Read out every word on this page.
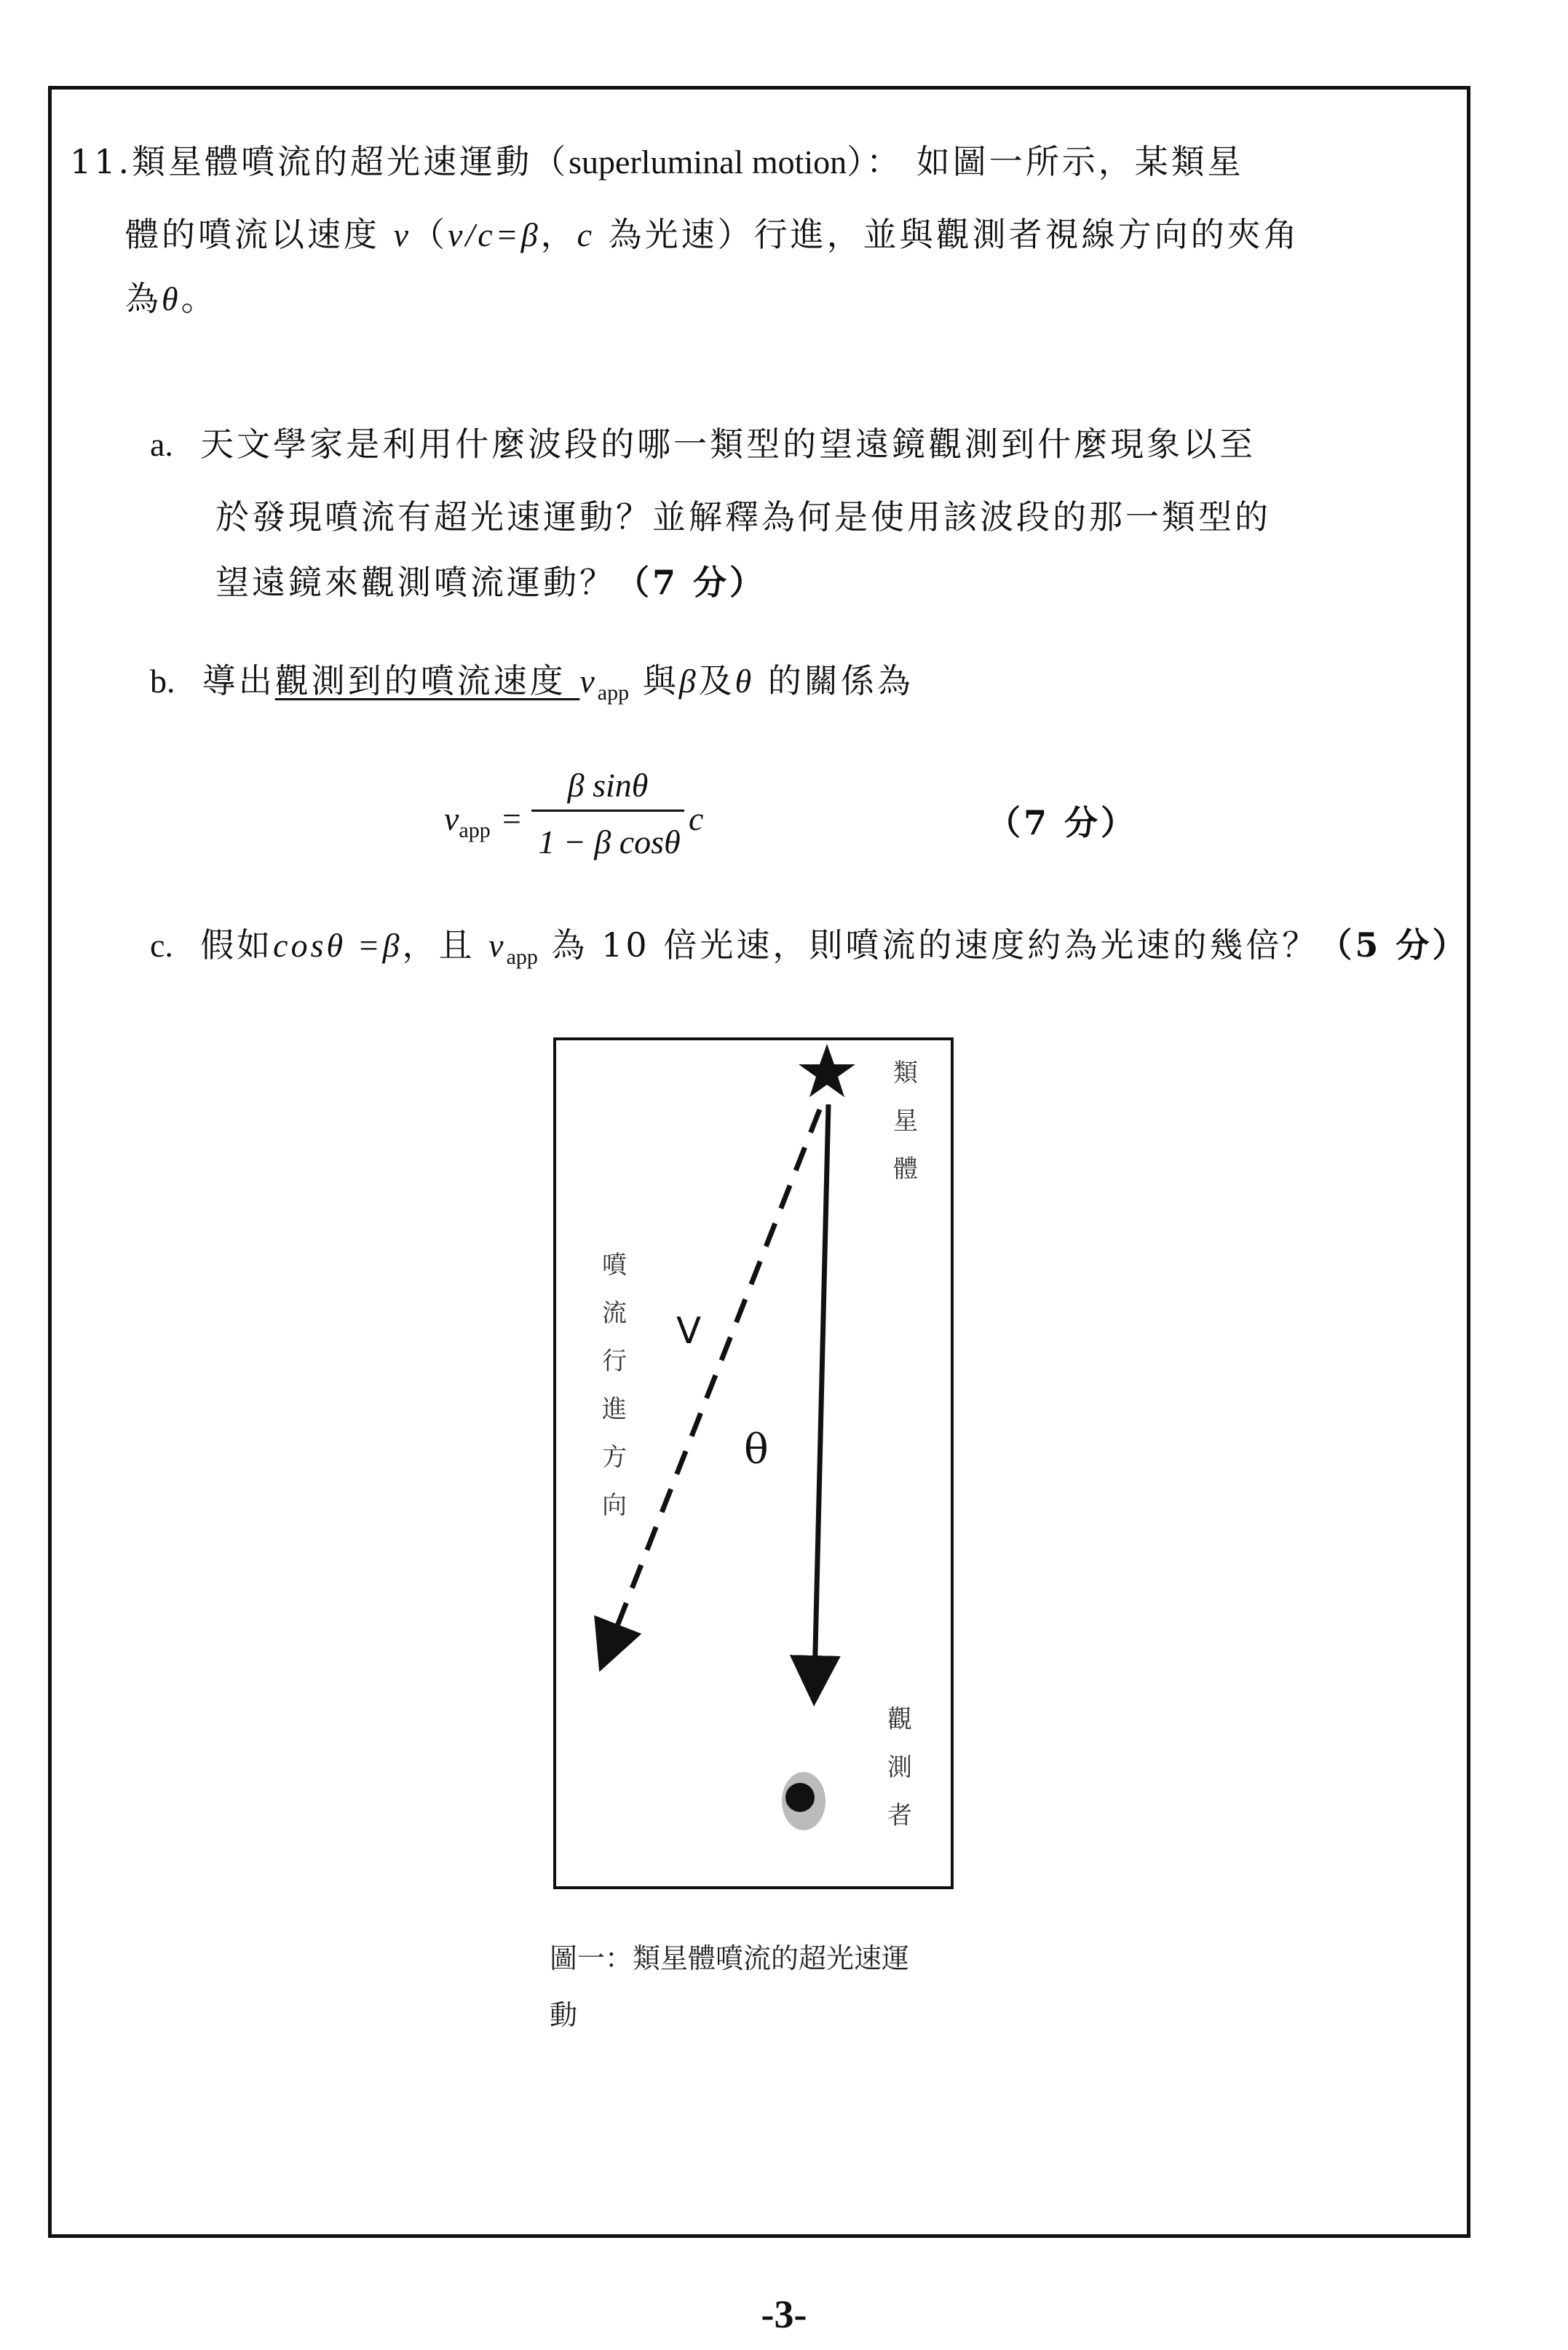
11.類星體噴流的超光速運動（superluminal motion）： 如圖一所示，某類星
體的噴流以速度 v（v/c=β，c 為光速）行進，並與觀測者視線方向的夾角
為θ。
a. 天文學家是利用什麼波段的哪一類型的望遠鏡觀測到什麼現象以至
於發現噴流有超光速運動？並解釋為何是使用該波段的那一類型的
望遠鏡來觀測噴流運動？（7 分）
b. 導出觀測到的噴流速度 $v_{app}$ 與β及θ 的關係為
$v_{app}$ =
β sinθ
1 − β cosθ
c	（7 分）
c. 假如cosθ =β，且 $v_{app}$ 為 10 倍光速，則噴流的速度約為光速的幾倍？（5 分）
類
星
體
噴
流
行
進
方
向
V
θ
觀
測
者
圖一：類星體噴流的超光速運
動
-3-
